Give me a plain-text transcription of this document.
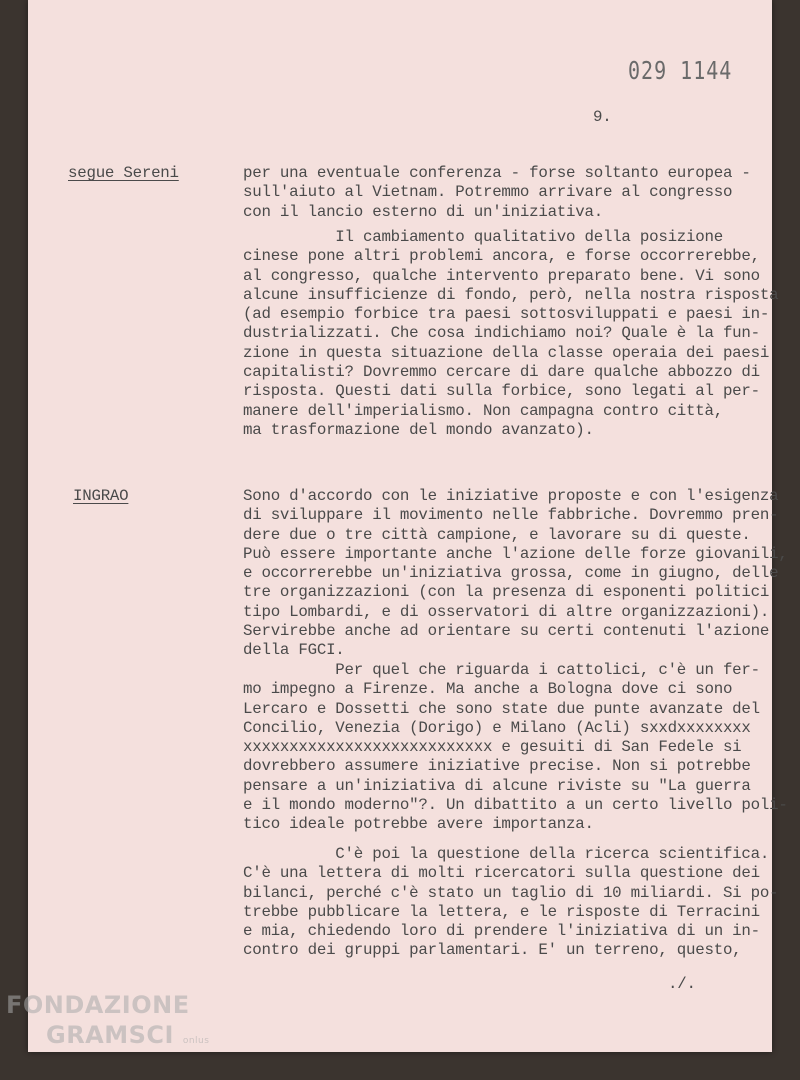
029 1144
9.
segue Sereni	per una eventuale conferenza - forse soltanto europea -
sull'aiuto al Vietnam. Potremmo arrivare al congresso
con il lancio esterno di un'iniziativa.
Il cambiamento qualitativo della posizione
cinese pone altri problemi ancora, e forse occorrerebbe,
al congresso, qualche intervento preparato bene. Vi sono
alcune insufficienze di fondo, però, nella nostra risposta
(ad esempio forbice tra paesi sottosviluppati e paesi in-
dustrializzati. Che cosa indichiamo noi? Quale è la fun-
zione in questa situazione della classe operaia dei paesi
capitalisti? Dovremmo cercare di dare qualche abbozzo di
risposta. Questi dati sulla forbice, sono legati al per-
manere dell'imperialismo. Non campagna contro città,
ma trasformazione del mondo avanzato).
INGRAO	Sono d'accordo con le iniziative proposte e con l'esigenza
di sviluppare il movimento nelle fabbriche. Dovremmo pren-
dere due o tre città campione, e lavorare su di queste.
Può essere importante anche l'azione delle forze giovanili,
e occorrerebbe un'iniziativa grossa, come in giugno, delle
tre organizzazioni (con la presenza di esponenti politici
tipo Lombardi, e di osservatori di altre organizzazioni).
Servirebbe anche ad orientare su certi contenuti l'azione
della FGCI.
Per quel che riguarda i cattolici, c'è un fer-
mo impegno a Firenze. Ma anche a Bologna dove ci sono
Lercaro e Dossetti che sono state due punte avanzate del
Concilio, Venezia (Dorigo) e Milano (Acli) sxxdxxxxxxxx
xxxxxxxxxxxxxxxxxxxxxxxxxxx e gesuiti di San Fedele si
dovrebbero assumere iniziative precise. Non si potrebbe
pensare a un'iniziativa di alcune riviste su "La guerra
e il mondo moderno"?. Un dibattito a un certo livello poli-
tico ideale potrebbe avere importanza.
C'è poi la questione della ricerca scientifica.
C'è una lettera di molti ricercatori sulla questione dei
bilanci, perché c'è stato un taglio di 10 miliardi. Si po-
trebbe pubblicare la lettera, e le risposte di Terracini
e mia, chiedendo loro di prendere l'iniziativa di un in-
contro dei gruppi parlamentari. E' un terreno, questo,
./.
FONDAZIONE
GRAMSCI onlus
